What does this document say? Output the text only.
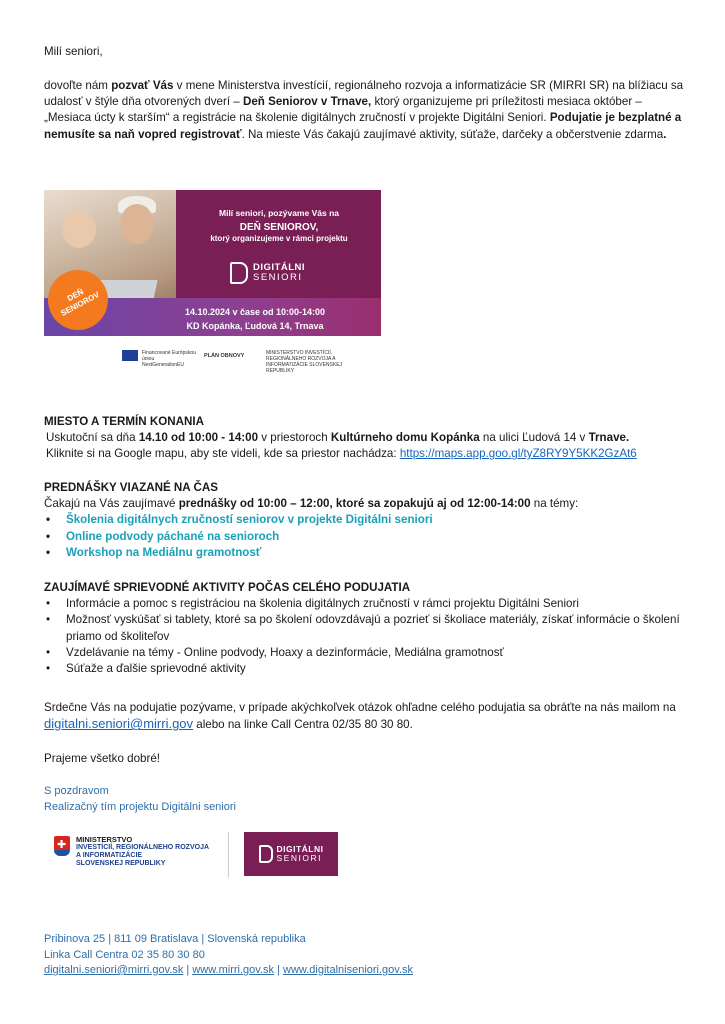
Milí seniori,

dovoľte nám pozvať Vás v mene Ministerstva investícií, regionálneho rozvoja a informatizácie SR (MIRRI SR) na blížiacu sa udalosť v štýle dňa otvorených dverí – Deň Seniorov v Trnave, ktorý organizujeme pri príležitosti mesiaca október – „Mesiaca úcty k starším“ a registrácie na školenie digitálnych zručností v projekte Digitálni Seniori. Podujatie je bezplatné a nemusíte sa naň vopred registrovať. Na mieste Vás čakajú zaujímavé aktivity, súťaže, darčeky a občerstvenie zdarma.

DEŇ SENIOROV
Milí seniori, pozývame Vás na
DEŇ SENIOROV,
ktorý organizujeme v rámci projektu
DIGITÁLNI
SENIORI
14.10.2024 v čase od 10:00-14:00
KD Kopánka, Ľudová 14, Trnava
Financované Európskou úniou NextGenerationEU
PLÁN OBNOVY	MINISTERSTVO INVESTÍCIÍ, REGIONÁLNEHO ROZVOJA A INFORMATIZÁCIE SLOVENSKEJ REPUBLIKY
MIESTO A TERMÍN KONANIA
Uskutoční sa dňa 14.10 od 10:00 - 14:00 v priestoroch Kultúrneho domu Kopánka na ulici Ľudová 14 v Trnave.
Kliknite si na Google mapu, aby ste videli, kde sa priestor nachádza: https://maps.app.goo.gl/tyZ8RY9Y5KK2GzAt6
PREDNÁŠKY VIAZANÉ NA ČAS
Čakajú na Vás zaujímavé prednášky od 10:00 – 12:00, ktoré sa zopakujú aj od 12:00-14:00 na témy:
• Školenia digitálnych zručností seniorov v projekte Digitálni seniori
• Online podvody páchané na senioroch
• Workshop na Mediálnu gramotnosť
ZAUJÍMAVÉ SPRIEVODNÉ AKTIVITY POČAS CELÉHO PODUJATIA
• Informácie a pomoc s registráciou na školenia digitálnych zručností v rámci projektu Digitálni Seniori
• Možnosť vyskúšať si tablety, ktoré sa po školení odovzdávajú a pozrieť si školiace materiály, získať informácie o školení priamo od školiteľov
• Vzdelávanie na témy - Online podvody, Hoaxy a dezinformácie, Mediálna gramotnosť
• Súťaže a ďalšie sprievodné aktivity

Srdečne Vás na podujatie pozývame, v prípade akýchkoľvek otázok ohľadne celého podujatia sa obráťte na nás mailom na digitalni.seniori@mirri.gov alebo na linke Call Centra 02/35 80 30 80.

Prajeme všetko dobré!

S pozdravom
Realizačný tím projektu Digitálni seniori
✚
MINISTERSTVO
INVESTÍCIÍ, REGIONÁLNEHO ROZVOJA
A INFORMATIZÁCIE
SLOVENSKEJ REPUBLIKY
DIGITÁLNI
SENIORI
Pribinova 25 | 811 09 Bratislava | Slovenská republika
Linka Call Centra 02 35 80 30 80
digitalni.seniori@mirri.gov.sk | www.mirri.gov.sk | www.digitalniseniori.gov.sk
